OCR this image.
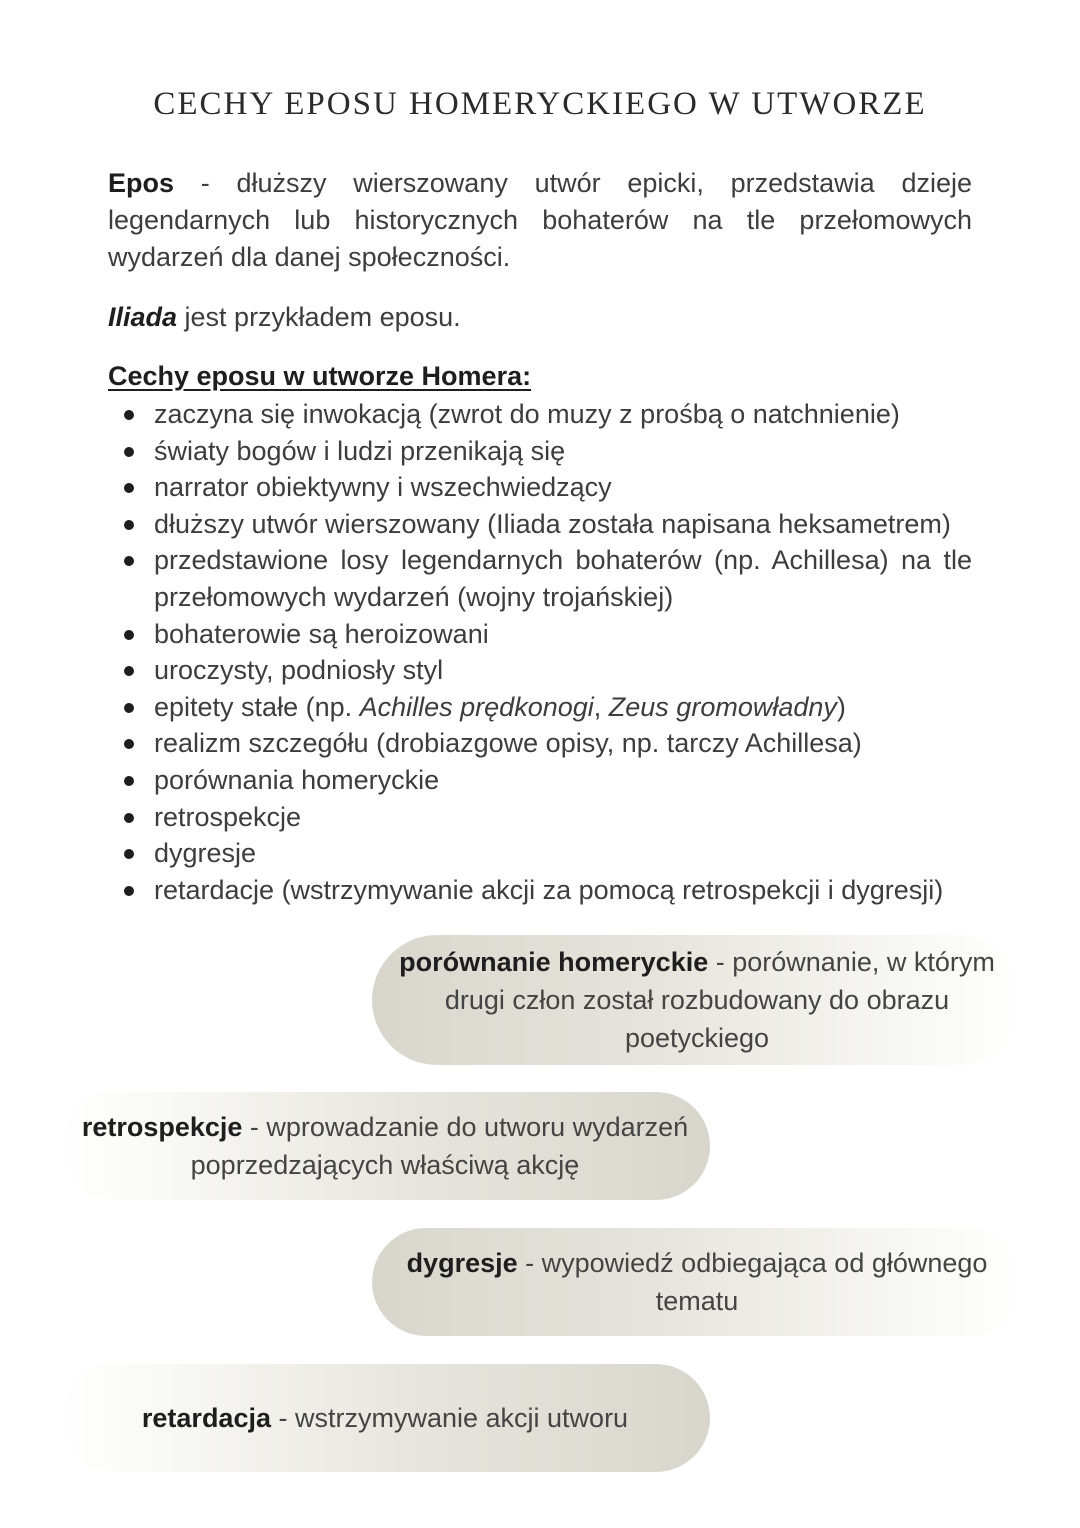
CECHY EPOSU HOMERYCKIEGO W UTWORZE
Epos - dłuższy wierszowany utwór epicki, przedstawia dzieje legendarnych lub historycznych bohaterów na tle przełomowych wydarzeń dla danej społeczności.
Iliada jest przykładem eposu.
Cechy eposu w utworze Homera:
zaczyna się inwokacją (zwrot do muzy z prośbą o natchnienie)
światy bogów i ludzi przenikają się
narrator obiektywny i wszechwiedzący
dłuższy utwór wierszowany (Iliada została napisana heksametrem)
przedstawione losy legendarnych bohaterów (np. Achillesa) na tle przełomowych wydarzeń (wojny trojańskiej)
bohaterowie są heroizowani
uroczysty, podniosły styl
epitety stałe (np. Achilles prędkonogi, Zeus gromowładny)
realizm szczegółu (drobiazgowe opisy, np. tarczy Achillesa)
porównania homeryckie
retrospekcje
dygresje
retardacje (wstrzymywanie akcji za pomocą retrospekcji i dygresji)
porównanie homeryckie - porównanie, w którym
drugi człon został rozbudowany do obrazu
poetyckiego
retrospekcje - wprowadzanie do utworu wydarzeń
poprzedzających właściwą akcję
dygresje - wypowiedź odbiegająca od głównego
tematu
retardacja - wstrzymywanie akcji utworu
